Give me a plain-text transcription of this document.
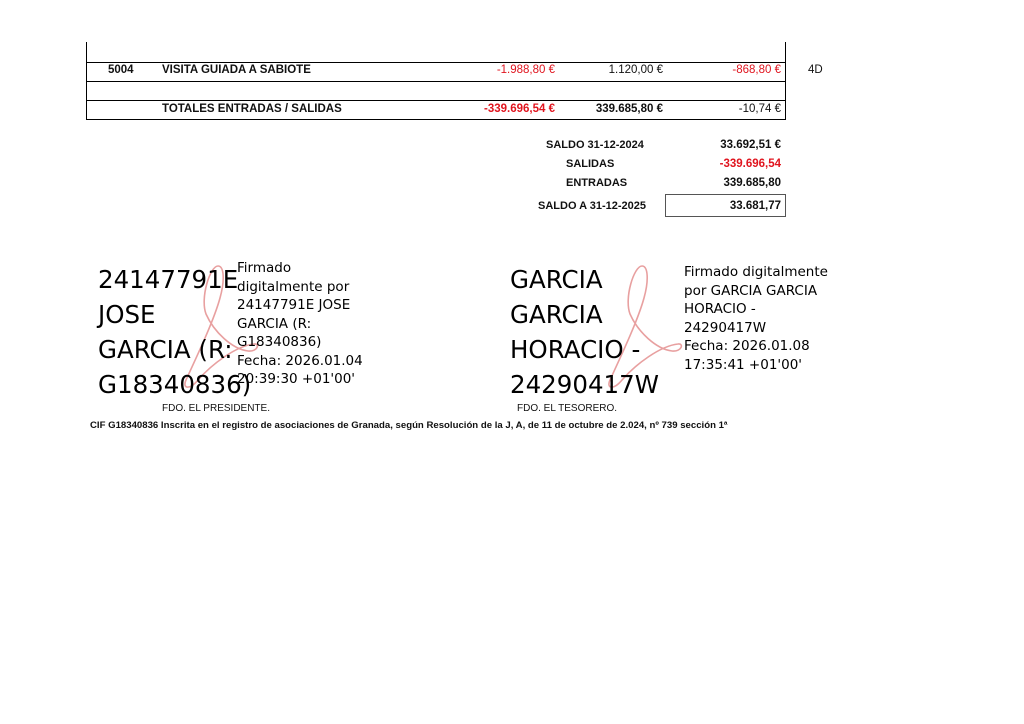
5004 VISITA GUIADA A SABIOTE	-1.988,80 €	1.120,00 €	-868,80 € 4D
TOTALES ENTRADAS / SALIDAS	-339.696,54 €	339.685,80 €	-10,74 €
SALDO 31-12-2024	33.692,51 €
SALIDAS	-339.696,54
ENTRADAS	339.685,80
SALDO A 31-12-2025	33.681,77
24147791E
JOSE
GARCIA (R:
G18340836)
Firmado
digitalmente por
24147791E JOSE
GARCIA (R:
G18340836)
Fecha: 2026.01.04
20:39:30 +01'00'
FDO. EL PRESIDENTE.
GARCIA
GARCIA
HORACIO -
24290417W
Firmado digitalmente
por GARCIA GARCIA
HORACIO -
24290417W
Fecha: 2026.01.08
17:35:41 +01'00'
FDO. EL TESORERO.
CIF G18340836 Inscrita en el registro de asociaciones de Granada, según Resolución de la J, A, de 11 de octubre de 2.024, nº 739 sección 1ª
